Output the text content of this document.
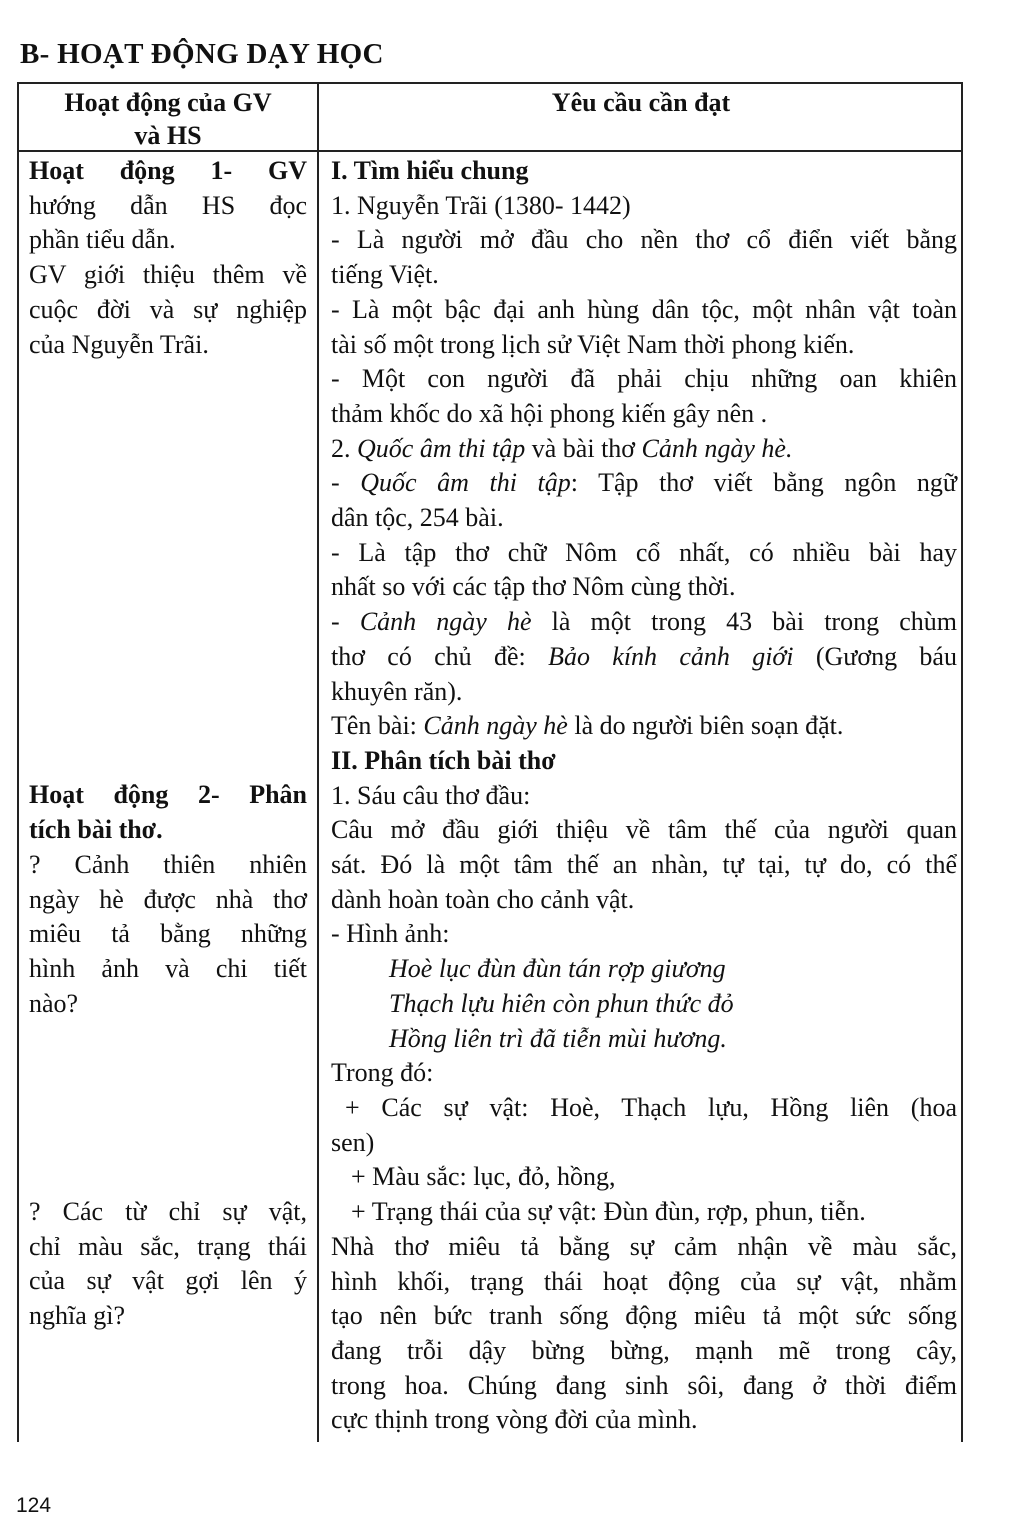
B- HOẠT ĐỘNG DẠY HỌC
Hoạt động của GV
và HS
Yêu cầu cần đạt
Hoạt động 1- GV
hướng dẫn HS đọc
phần tiểu dẫn.
GV giới thiệu thêm về
cuộc đời và sự nghiệp
của Nguyễn Trãi.
Hoạt động 2- Phân
tích bài thơ.
? Cảnh thiên nhiên
ngày hè được nhà thơ
miêu tả bằng những
hình ảnh và chi tiết
nào?
? Các từ chỉ sự vật,
chỉ màu sắc, trạng thái
của sự vật gợi lên ý
nghĩa gì?
I. Tìm hiểu chung
1. Nguyễn Trãi (1380- 1442)
- Là người mở đầu cho nền thơ cổ điển viết bằng
tiếng Việt.
- Là một bậc đại anh hùng dân tộc, một nhân vật toàn
tài số một trong lịch sử Việt Nam thời phong kiến.
- Một con người đã phải chịu những oan khiên
thảm khốc do xã hội phong kiến gây nên .
2. Quốc âm thi tập và bài thơ Cảnh ngày hè.
- Quốc âm thi tập: Tập thơ viết bằng ngôn ngữ
dân tộc, 254 bài.
- Là tập thơ chữ Nôm cổ nhất, có nhiều bài hay
nhất so với các tập thơ Nôm cùng thời.
- Cảnh ngày hè là một trong 43 bài trong chùm
thơ có chủ đề: Bảo kính cảnh giới (Gương báu
khuyên răn).
Tên bài: Cảnh ngày hè là do người biên soạn đặt.
II. Phân tích bài thơ
1. Sáu câu thơ đầu:
Câu mở đầu giới thiệu về tâm thế của người quan
sát. Đó là một tâm thế an nhàn, tự tại, tự do, có thể
dành hoàn toàn cho cảnh vật.
- Hình ảnh:
Hoè lục đùn đùn tán rợp giương
Thạch lựu hiên còn phun thức đỏ
Hồng liên trì đã tiễn mùi hương.
Trong đó:
+ Các sự vật: Hoè, Thạch lựu, Hồng liên (hoa
sen)
+ Màu sắc: lục, đỏ, hồng,
+ Trạng thái của sự vật: Đùn đùn, rợp, phun, tiễn.
Nhà thơ miêu tả bằng sự cảm nhận về màu sắc,
hình khối, trạng thái hoạt động của sự vật, nhằm
tạo nên bức tranh sống động miêu tả một sức sống
đang trỗi dậy bừng bừng, mạnh mẽ trong cây,
trong hoa. Chúng đang sinh sôi, đang ở thời điểm
cực thịnh trong vòng đời của mình.
124
